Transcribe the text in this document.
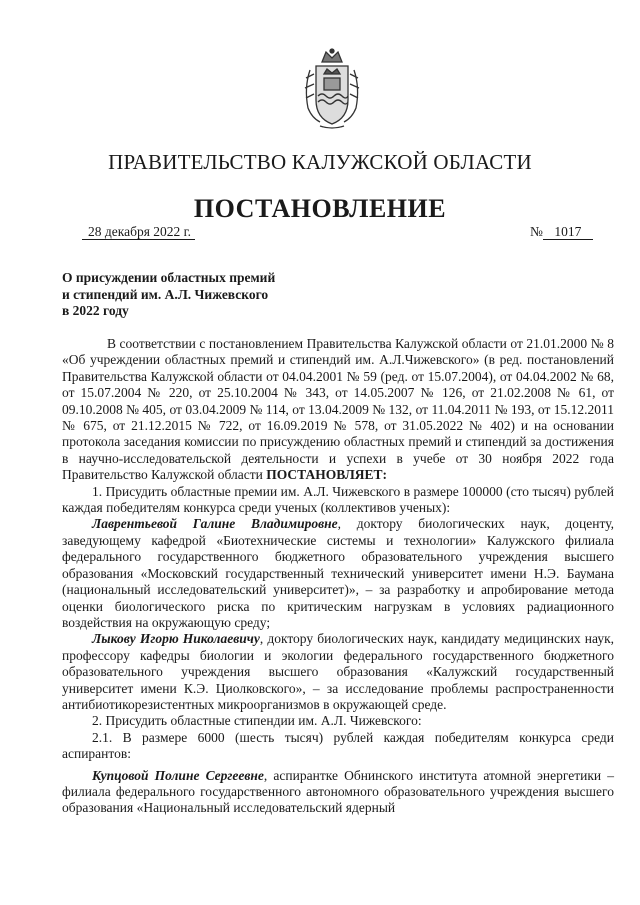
ПРАВИТЕЛЬСТВО КАЛУЖСКОЙ ОБЛАСТИ
ПОСТАНОВЛЕНИЕ
28 декабря 2022 г.	№ 1017
О присуждении областных премий
и стипендий им. А.Л. Чижевского
в 2022 году

В соответствии с постановлением Правительства Калужской области от 21.01.2000 № 8 «Об учреждении областных премий и стипендий им. А.Л.Чижевского» (в ред. постановлений Правительства Калужской области от 04.04.2001 № 59 (ред. от 15.07.2004), от 04.04.2002 № 68, от 15.07.2004 № 220, от 25.10.2004 № 343, от 14.05.2007 № 126, от 21.02.2008 № 61, от 09.10.2008 № 405, от 03.04.2009 № 114, от 13.04.2009 № 132, от 11.04.2011 № 193, от 15.12.2011 № 675, от 21.12.2015 № 722, от 16.09.2019 № 578, от 31.05.2022 № 402) и на основании протокола заседания комиссии по присуждению областных премий и стипендий за достижения в научно-исследовательской деятельности и успехи в учебе от 30 ноября 2022 года Правительство Калужской области ПОСТАНОВЛЯЕТ:

1. Присудить областные премии им. А.Л. Чижевского в размере 100000 (сто тысяч) рублей каждая победителям конкурса среди ученых (коллективов ученых):

Лаврентьевой Галине Владимировне, доктору биологических наук, доценту, заведующему кафедрой «Биотехнические системы и технологии» Калужского филиала федерального государственного бюджетного образовательного учреждения высшего образования «Московский государственный технический университет имени Н.Э. Баумана (национальный исследовательский университет)», – за разработку и апробирование метода оценки биологического риска по критическим нагрузкам в условиях радиационного воздействия на окружающую среду;

Лыкову Игорю Николаевичу, доктору биологических наук, кандидату медицинских наук, профессору кафедры биологии и экологии федерального государственного бюджетного образовательного учреждения высшего образования «Калужский государственный университет имени К.Э. Циолковского», – за исследование проблемы распространенности антибиотикорезистентных микроорганизмов в окружающей среде.

2. Присудить областные стипендии им. А.Л. Чижевского:

2.1. В размере 6000 (шесть тысяч) рублей каждая победителям конкурса среди аспирантов:

Купцовой Полине Сергеевне, аспирантке Обнинского института атомной энергетики – филиала федерального государственного автономного образовательного учреждения высшего образования «Национальный исследовательский ядерный
